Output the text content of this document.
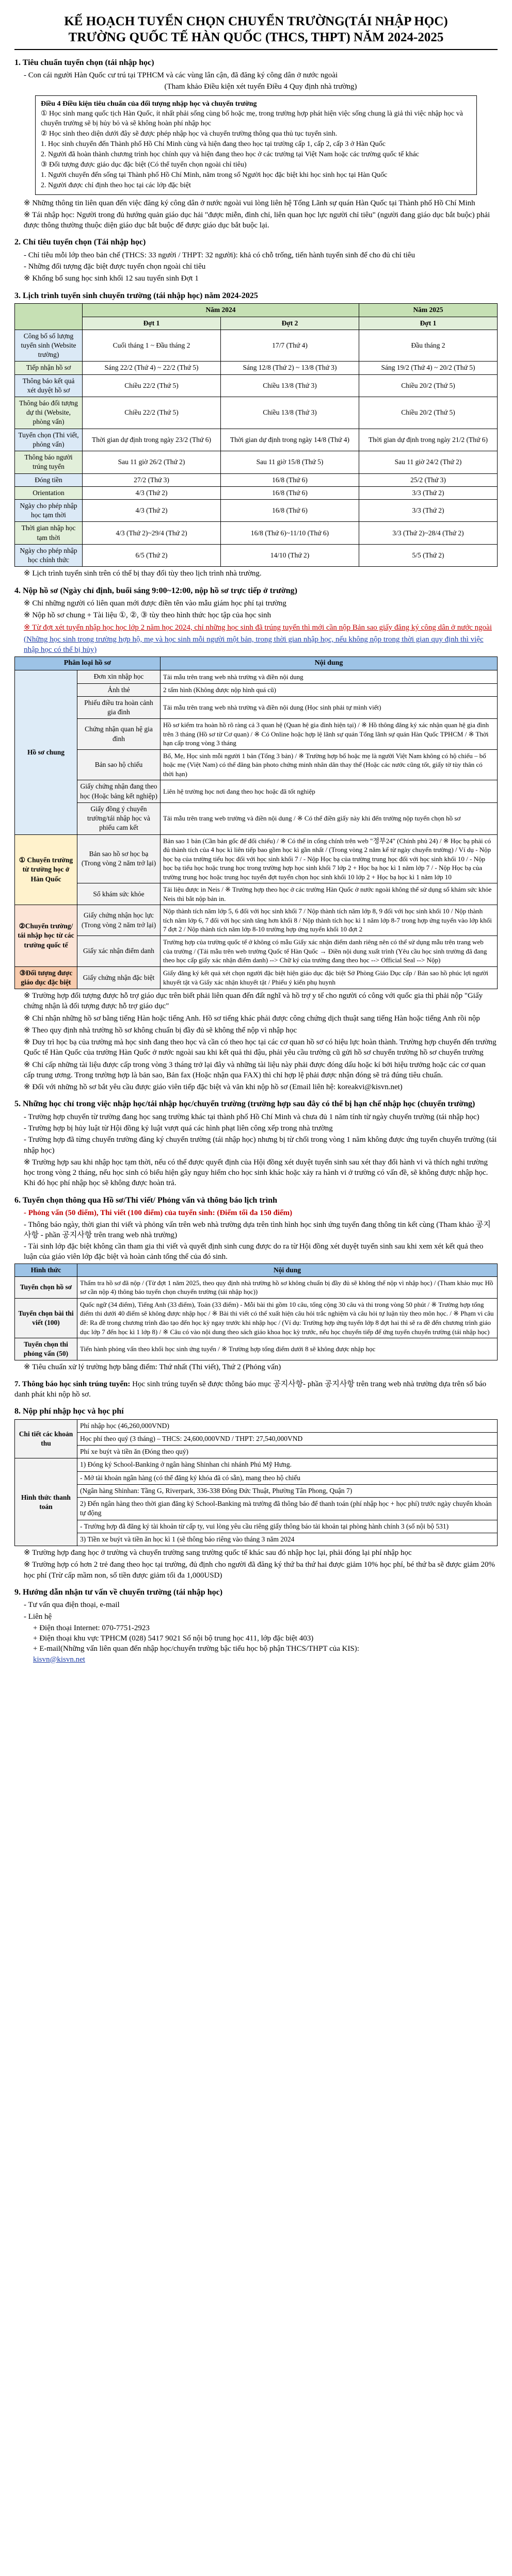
KẾ HOẠCH TUYỂN CHỌN CHUYỂN TRƯỜNG(TÁI NHẬP HỌC)
TRƯỜNG QUỐC TẾ HÀN QUỐC (THCS, THPT) NĂM 2024-2025
1. Tiêu chuẩn tuyển chọn (tái nhập học)
- Con cái người Hàn Quốc cư trú tại TPHCM và các vùng lân cận, đã đăng ký công dân ở nước ngoài
(Tham khảo Điều kiện xét tuyển Điều 4 Quy định nhà trường)
Điều 4 Điều kiện tiêu chuẩn của đối tượng nhập học và chuyển trường
① Học sinh mang quốc tịch Hàn Quốc, ít nhất phải sống cùng bố hoặc mẹ, trong trường hợp phát hiện việc sống chung là giả thì việc nhập học và chuyển trường sẽ bị hủy bỏ và sẽ không hoàn phí nhập học
② Học sinh theo diện dưới đây sẽ được phép nhập học và chuyển trường thông qua thủ tục tuyển sinh.
1. Học sinh chuyển đến Thành phố Hồ Chí Minh cùng và hiện đang theo học tại trường cấp 1, cấp 2, cấp 3 ở Hàn Quốc
2. Người đã hoàn thành chương trình học chính quy và hiện đang theo học ở các trường tại Việt Nam hoặc các trường quốc tế khác
③ Đối tượng được giáo dục đặc biệt (Có thể tuyển chọn ngoài chỉ tiêu)
1. Người chuyển đến sống tại Thành phố Hồ Chí Minh, năm trong số Người học đặc biệt khi học sinh học tại Hàn Quốc
2. Người được chỉ định theo học tại các lớp đặc biệt
※ Những thông tin liên quan đến việc đăng ký công dân ở nước ngoài vui lòng liên hệ Tổng Lãnh sự quán Hàn Quốc tại Thành phố Hồ Chí Minh
※ Tái nhập học: Người trong đủ hướng quản giáo dục hải "được miễn, đình chỉ, liên quan học lực người chỉ tiêu" (người đang giáo dục bắt buộc) phải được thông thường thuộc diện giáo dục bắt buộc để được giáo dục bắt buộc lại.
2. Chỉ tiêu tuyển chọn (Tái nhập học)
- Chỉ tiêu mỗi lớp theo bản chế (THCS: 33 người / THPT: 32 người): khả có chỗ trống, tiến hành tuyển sinh để cho đủ chỉ tiêu
- Những đối tượng đặc biệt được tuyển chọn ngoài chỉ tiêu
※ Khống bổ sung học sinh khối 12 sau tuyển sinh Đợt 1
3. Lịch trình tuyển sinh chuyển trường (tái nhập học) năm 2024-2025
	Năm 2024		Năm 2025
	Đợt 1	Đợt 2	Đợt 1
Công bố số lượng tuyển sinh (Website trường)	Cuối tháng 1 ~ Đầu tháng 2	17/7 (Thứ 4)	Đầu tháng 2
Tiếp nhận hồ sơ	Sáng 22/2 (Thứ 4) ~ 22/2 (Thứ 5)	Sáng 12/8 (Thứ 2) ~ 13/8 (Thứ 3)	Sáng 19/2 (Thứ 4) ~ 20/2 (Thứ 5)
Thông báo kết quả xét duyệt hồ sơ	Chiều 22/2 (Thứ 5)	Chiều 13/8 (Thứ 3)	Chiều 20/2 (Thứ 5)
Thông báo đối tượng dự thi (Website, phòng vấn)	Chiều 22/2 (Thứ 5)	Chiều 13/8 (Thứ 3)	Chiều 20/2 (Thứ 5)
Tuyển chọn (Thi viết, phỏng vấn)	Thời gian dự định trong ngày 23/2 (Thứ 6)	Thời gian dự định trong ngày 14/8 (Thứ 4)	Thời gian dự định trong ngày 21/2 (Thứ 6)
Thông báo người trúng tuyển	Sau 11 giờ 26/2 (Thứ 2)	Sau 11 giờ 15/8 (Thứ 5)	Sau 11 giờ 24/2 (Thứ 2)
Đóng tiền	27/2 (Thứ 3)	16/8 (Thứ 6)	25/2 (Thứ 3)
Orientation	4/3 (Thứ 2)	16/8 (Thứ 6)	3/3 (Thứ 2)
Ngày cho phép nhập học tạm thời	4/3 (Thứ 2)	16/8 (Thứ 6)	3/3 (Thứ 2)
Thời gian nhập học tạm thời	4/3 (Thứ 2)~29/4 (Thứ 2)	16/8 (Thứ 6)~11/10 (Thứ 6)	3/3 (Thứ 2)~28/4 (Thứ 2)
Ngày cho phép nhập học chính thức	6/5 (Thứ 2)	14/10 (Thứ 2)	5/5 (Thứ 2)
※ Lịch trình tuyển sinh trên có thể bị thay đổi tùy theo lịch trình nhà trường.
4. Nộp hồ sơ (Ngày chỉ định, buổi sáng 9:00~12:00, nộp hồ sơ trực tiếp ở trường)
※ Chỉ những người có liên quan mới được điền tên vào mẫu giám học phí tại trường
※ Nộp hồ sơ chung + Tài liệu ①, ②, ③ tùy theo hình thức học tập của học sinh
※ Từ đợt xét tuyển nhập học học lớp 2 năm học 2024, chỉ những học sinh đã trúng tuyển thì mới cần nộp Bản sao giấy đăng ký công dân ở nước ngoài
(Những học sinh trong trường hợp hộ, mẹ và học sinh mỗi người một bản, trong thời gian nhập học, nếu không nộp trong thời gian quy định thì việc nhập học có thể bị hủy)
Phân loại hồ sơ		Nội dung
Hồ sơ chung	Đơn xin nhập học	Tải mẫu trên trang web nhà trường và điền nội dung
	Ảnh thẻ	2 tấm hình (Không được nộp hình quá cũ)
	Phiếu điều tra hoàn cảnh gia đình	Tải mẫu trên trang web nhà trường và điền nội dung (Học sinh phải tự mình viết)
	Chứng nhận quan hệ gia đình	Hồ sơ kiểm tra hoàn hồ rõ ràng cả 3 quan hệ (Quan hệ gia đình hiện tại) / ※ Hồ thông đăng ký xác nhận quan hệ gia đình trên 3 tháng (Hồ sơ từ Cơ quan) / ※ Có Online hoặc hợp lệ lãnh sự quán Tổng lãnh sự quán Hàn Quốc TPHCM / ※ Thời hạn cấp trong vòng 3 tháng
	Bản sao hộ chiếu	Bố, Mẹ, Học sinh mỗi người 1 bản (Tổng 3 bản) / ※ Trường hợp bố hoặc mẹ là người Việt Nam không có hộ chiếu – bố hoặc mẹ (Việt Nam) có thể đăng bản photo chứng minh nhân dân thay thế (Hoặc các nước cũng tốt, giấy tờ tùy thân có thời hạn)
	Giấy chứng nhận đang theo học (Hoặc bảng kết nghiệp)	Liên hệ trường học nơi đang theo học hoặc đã tốt nghiệp
	Giấy đồng ý chuyển trường/tái nhập học và phiếu cam kết	Tải mẫu trên trang web trường và điền nội dung / ※ Có thể điền giấy này khi đến trường nộp tuyển chọn hồ sơ
① Chuyển trường từ trường học ở Hàn Quốc	Bản sao hồ sơ học bạ (Trong vòng 2 năm trở lại)	Bản sao 1 bản (Cần bản gốc để đối chiếu) / ※ Có thể in cổng chính trên web "정부24" (Chính phủ 24) / ※ Học bạ phải có đủ thành tích của 4 học kì liên tiếp bao gồm học kì gần nhất / (Trong vòng 2 năm kể từ ngày chuyển trường) / Ví dụ - Nộp học bạ của trường tiểu học đối với học sinh khối 7 / - Nộp Học bạ của trường trung học đối với học sinh khối 10 / - Nộp học bạ tiểu học hoặc trung học trong trường hợp học sinh khối 7 lớp 2 + Học bạ học kì 1 năm lớp 7 / - Nộp Học bạ của trường trung học hoặc trung học tuyển đợt tuyển chọn học sinh khối 10 lớp 2 + Học bạ học kì 1 năm lớp 10
	Sổ khám sức khỏe	Tải liệu được in Neis / ※ Trường hợp theo học ở các trường Hàn Quốc ở nước ngoài không thể sử dụng sổ khám sức khỏe Neis thì bắt nộp bản in.
②Chuyển trường/ tái nhập học từ các trường quốc tế	Giấy chứng nhận học lực (Trong vòng 2 năm trở lại)	Nộp thành tích năm lớp 5, 6 đối với học sinh khối 7 / Nộp thành tích năm lớp 8, 9 đối với học sinh khối 10 / Nộp thành tích năm lớp 6, 7 đối với học sinh tăng hơn khối 8 / Nộp thành tích học kì 1 năm lớp 8-7 trong hợp ứng tuyển vào lớp khối 7 đợt 2 / Nộp thành tích năm lớp 8-10 trường hợp ứng tuyển khối 10 đợt 2
	Giấy xác nhận điểm danh	Trường hợp của trường quốc tế ở không có mẫu Giấy xác nhận điểm danh riêng nên có thể sử dụng mẫu trên trang web của trường / (Tải mẫu trên web trường Quốc tế Hàn Quốc → Điền nội dung xuất trình (Yêu cầu học sinh trường đã đang theo học cấp giấy xác nhận điểm danh) --> Chữ ký của trường đang theo học --> Official Seal --> Nộp)
③Đối tượng được giáo dục đặc biệt	Giấy chứng nhận đặc biệt	Giấy đăng ký kết quả xét chọn người đặc biệt hiện giáo dục đặc biệt Sở Phòng Giáo Dục cấp / Bản sao hồ phúc lợi người khuyết tật và Giấy xác nhận khuyết tật / Phiếu ý kiến phụ huynh
※ Trường hợp đối tượng được hỗ trợ giáo dục trên biết phải liên quan đến đất nghĩ và hồ trợ y tế cho người có công với quốc gia thì phải nộp "Giấy chứng nhận là đối tượng được hỗ trợ giáo dục"
※ Chỉ nhận những hồ sơ bằng tiếng Hàn hoặc tiếng Anh. Hồ sơ tiếng khác phải được công chứng dịch thuật sang tiếng Hàn hoặc tiếng Anh rồi nộp
※ Theo quy định nhà trường hồ sơ không chuẩn bị đầy đủ sẽ không thể nộp vì nhập học
※ Duy trì học bạ của trường mà học sinh đang theo học và cần có theo học tại các cơ quan hồ sơ có hiệu lực hoàn thành. Trường hợp chuyển đến trường Quốc tế Hàn Quốc của trường Hàn Quốc ở nước ngoài sau khi kết quả thi đậu, phải yêu cầu trường cũ gửi hồ sơ chuyển trường hồ sơ chuyển trường
※ Chỉ cấp những tài liệu được cấp trong vòng 3 tháng trở lại đây và những tài liệu này phải được đóng dấu hoặc kí bởi hiệu trưởng hoặc các cơ quan cấp trung ương. Trong trường hợp là bản sao, Bản fax (Hoặc nhận qua FAX) thì chỉ hợp lệ phải được nhận đóng sẽ trả đúng tiêu chuẩn.
※ Đối với những hồ sơ bắt yêu cầu được giáo viên tiếp đặc biệt và văn khi nộp hồ sơ (Email liên hệ: koreakvi@kisvn.net)
5. Những học chỉ trong việc nhập học/tái nhập học/chuyển trường (trường hợp sau đây có thể bị hạn chế nhập học (chuyển trường)
- Trường hợp chuyển từ trường đang học sang trường khác tại thành phố Hồ Chí Minh và chưa đủ 1 năm tính từ ngày chuyển trường (tái nhập học)
- Trường hợp bị hủy luật từ Hội đồng kỷ luật vượt quá các hình phạt liên công xếp trong nhà trường
- Trường hợp đã từng chuyển trường đăng ký chuyển trường (tái nhập học) nhưng bị từ chối trong vòng 1 năm không được ứng tuyển chuyển trường (tái nhập học)
※ Trường hợp sau khi nhập học tạm thời, nếu có thể được quyết định của Hội đồng xét duyệt tuyển sinh sau xét thay đổi hành vi và thích nghi trường học trong vòng 2 tháng, nếu học sinh có biểu hiện gây nguy hiểm cho học sinh khác hoặc xảy ra hành vi ở trường có vấn đề, sẽ không được nhập học. Khi đó học phí nhập học sẽ không được hoàn trả.
6. Tuyển chọn thông qua Hồ sơ/Thi viết/ Phỏng vấn và thông báo lịch trình
- Phỏng vấn (50 điểm), Thi viết (100 điểm) của tuyển sinh: (Điểm tối đa 150 điểm)
- Thông báo ngày, thời gian thi viết và phỏng vấn trên web nhà trường dựa trên tình hình học sinh ứng tuyển đang thông tin kết cùng (Tham khảo 공지사항 - phần 공지사항 trên trang web nhà trường)
- Tài sinh lớp đặc biệt không cần tham gia thi viết và quyết định sinh cung được do ra từ Hội đồng xét duyệt tuyển sinh sau khi xem xét kết quả theo luận của giáo viên lớp đặc biệt và hoàn cảnh tổng thể của đó sinh.
Hình thức	Nội dung
Tuyển chọn hồ sơ	Thẩm tra hồ sơ đã nộp / (Từ đợt 1 năm 2025, theo quy định nhà trường hồ sơ không chuẩn bị đầy đủ sẽ không thể nộp vì nhập học) / (Tham khảo mục Hồ sơ cần nộp 4) thông báo tuyển chọn chuyển trường (tái nhập học))
Tuyển chọn bài thi viết (100)	Quốc ngữ (34 điểm), Tiếng Anh (33 điểm), Toán (33 điểm) - Mỗi bài thi gồm 10 câu, tổng cộng 30 câu và thi trong vòng 50 phút / ※ Trường hợp tổng điểm thi dưới 40 điểm sẽ không được nhập học / ※ Bài thi viết có thể xuất hiện câu hỏi trắc nghiệm và câu hỏi tự luận tùy theo môn học. / ※ Phạm vi câu đề: Ra đề trong chương trình đào tạo đến học kỳ ngay trước khi nhập học / (Ví dụ: Trường hợp ứng tuyển lớp 8 đợt hai thì sẽ ra đề đến chương trình giáo dục lớp 7 đến học kì 1 lớp 8) / ※ Câu có vào nội dung theo sách giáo khoa học kỳ trước, nếu học chuyển tiếp để ứng tuyển chuyển trường (tái nhập học)
Tuyển chọn thi phỏng vấn (50)	Tiến hành phỏng vấn theo khối học sinh ứng tuyển / ※ Trường hợp tổng điểm dưới 8 sẽ không được nhập học
※ Tiêu chuẩn xử lý trường hợp bằng điểm: Thứ nhất (Thi viết), Thứ 2 (Phỏng vấn)
7. Thông báo học sinh trúng tuyển: Học sinh trúng tuyển sẽ được thông báo mục 공지사항- phần 공지사항 trên trang web nhà trường dựa trên số báo danh phát khi nộp hồ sơ.
8. Nộp phí nhập học và học phí
Chi tiết các khoản thu	Phí nhập học (46,260,000VND)
	Học phí theo quý (3 tháng) – THCS: 24,600,000VND / THPT: 27,540,000VND
	Phí xe buýt và tiền ăn (Đóng theo quý)
Hình thức thanh toán	1) Đóng ký School-Banking ở ngân hàng Shinhan chi nhánh Phú Mỹ Hưng.
	- Mở tài khoản ngân hàng (có thể đăng ký khóa đã có sẵn), mang theo hộ chiếu
	(Ngân hàng Shinhan: Tầng G, Riverpark, 336-338 Đông Đức Thuật, Phường Tân Phong, Quận 7)
	2) Đến ngân hàng theo thời gian đăng ký School-Banking mà trường đã thông báo để thanh toán (phí nhập học + học phí) trước ngày chuyển khoản tự động
	- Trường hợp đã đăng ký tài khoản từ cấp ty, vui lòng yêu cầu riêng giấy thông báo tài khoản tại phòng hành chính 3 (số nội bộ 531)
	3) Tiền xe buýt và tiền ăn học kì 1 (sẽ thông báo riêng vào tháng 3 năm 2024
※ Trường hợp đang học ở trường và chuyển trường sang trường quốc tế khác sau đó nhập học lại, phải đóng lại phí nhập học
※ Trường hợp có hơn 2 trẻ đang theo học tại trường, đủ định cho người đã đăng ký thứ ba thứ hai được giảm 10% học phí, bé thứ ba sẽ được giảm 20% học phí (Trừ cấp mầm non, số tiền được giảm tối đa 1,000USD)
9. Hướng dẫn nhận tư vấn về chuyển trường (tái nhập học)
- Tư vấn qua điện thoại, e-mail
- Liên hệ
+ Điện thoại Internet: 070-7751-2923
+ Điện thoại khu vực TPHCM (028) 5417 9021 Số nội bộ trung học 411, lớp đặc biệt 403)
+ E-mail(Những vấn liên quan đến nhập học/chuyển trường bậc tiểu học bộ phận THCS/THPT của KIS):
kisvn@kisvn.net
